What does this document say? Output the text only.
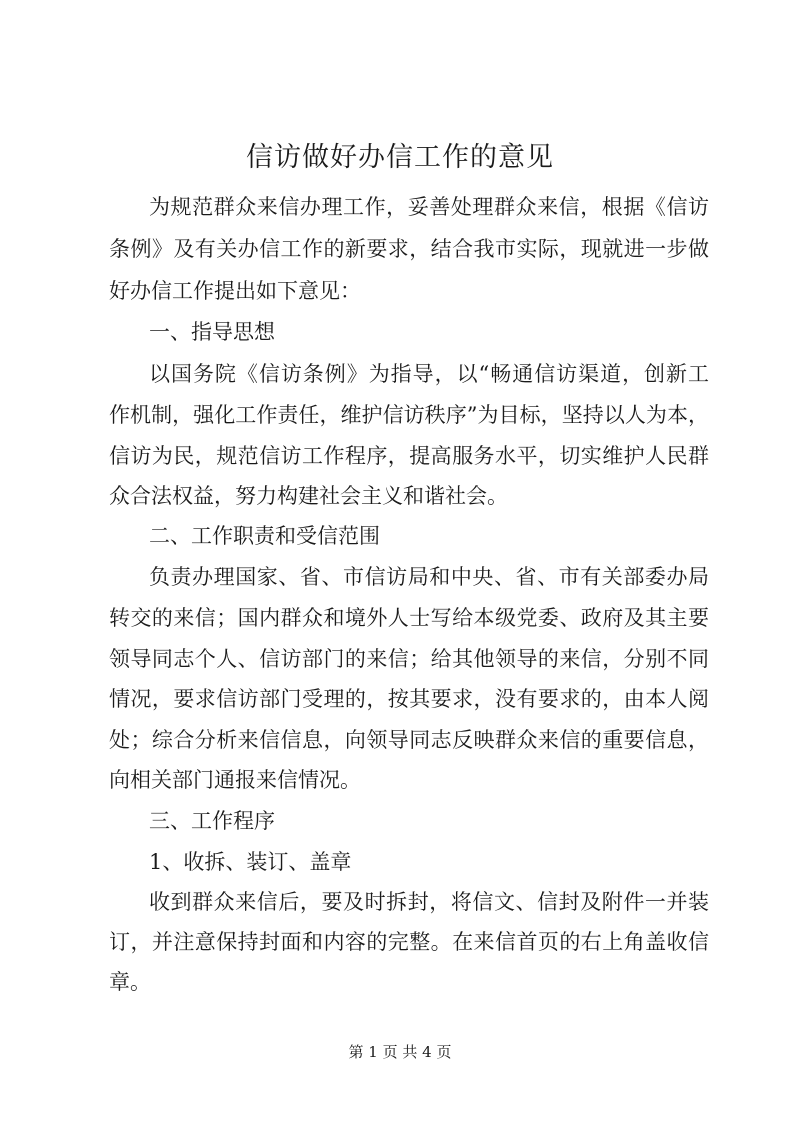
信访做好办信工作的意见
为规范群众来信办理工作，妥善处理群众来信，根据《信访
条例》及有关办信工作的新要求，结合我市实际，现就进一步做
好办信工作提出如下意见：
一、指导思想
以国务院《信访条例》为指导，以“畅通信访渠道，创新工
作机制，强化工作责任，维护信访秩序”为目标，坚持以人为本，
信访为民，规范信访工作程序，提高服务水平，切实维护人民群
众合法权益，努力构建社会主义和谐社会。
二、工作职责和受信范围
负责办理国家、省、市信访局和中央、省、市有关部委办局
转交的来信；国内群众和境外人士写给本级党委、政府及其主要
领导同志个人、信访部门的来信；给其他领导的来信，分别不同
情况，要求信访部门受理的，按其要求，没有要求的，由本人阅
处；综合分析来信信息，向领导同志反映群众来信的重要信息，
向相关部门通报来信情况。
三、工作程序
1、收拆、装订、盖章
收到群众来信后，要及时拆封，将信文、信封及附件一并装
订，并注意保持封面和内容的完整。在来信首页的右上角盖收信
章。
第 1 页 共 4 页
